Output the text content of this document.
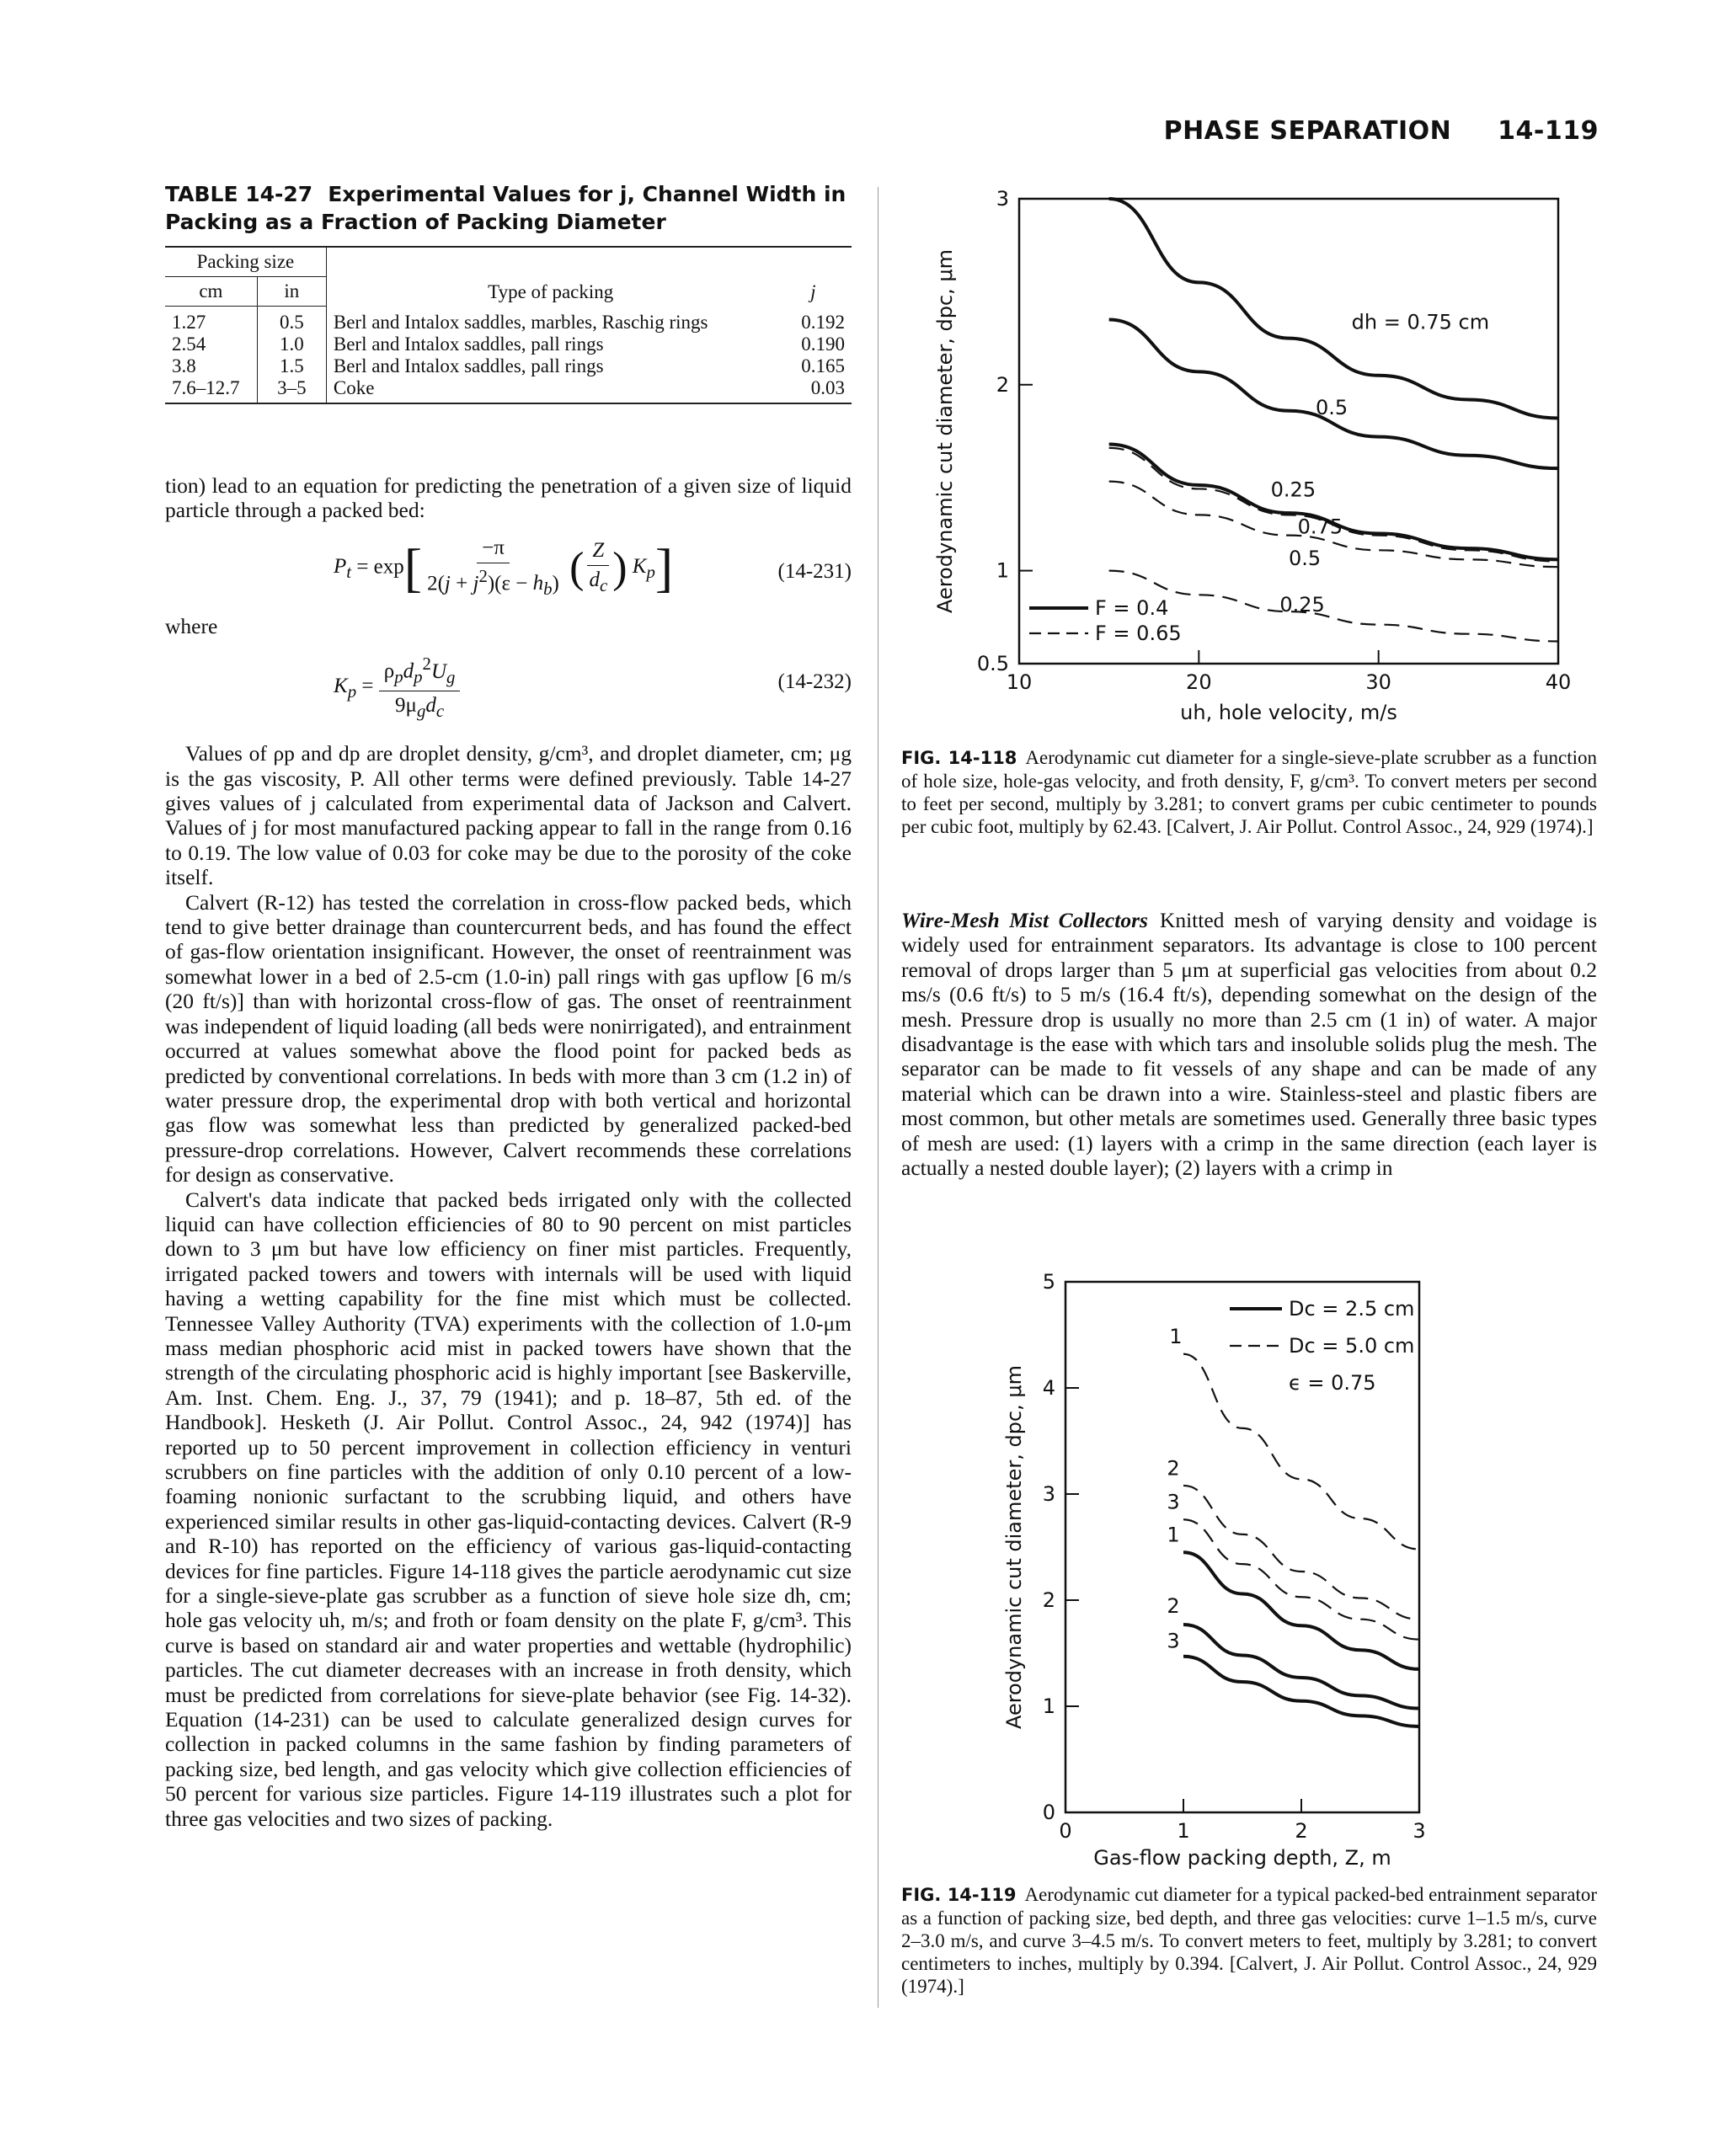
PHASE SEPARATION 14-119

TABLE 14-27 Experimental Values for j, Channel Width in Packing as a Fraction of Packing Diameter

Packing size		Type of packing	j
cm	in		
1.27	0.5	Berl and Intalox saddles, marbles, Raschig rings	0.192
2.54	1.0	Berl and Intalox saddles, pall rings	0.190
3.8	1.5	Berl and Intalox saddles, pall rings	0.165
7.6–12.7	3–5	Coke	0.03

tion) lead to an equation for predicting the penetration of a given size of liquid particle through a packed bed:

$P_t = \exp[ \frac{-\pi}{2(j + j^2)(\varepsilon - h_b)}$ ( $\frac{Z}{d_c}$ ) $K_p$]	(14-231)

where

$K_p = \frac{\rho_pd_p^2U_g}{9\mu_gd_c}$	(14-232)

Values of ρp and dp are droplet density, g/cm³, and droplet diameter, cm; μg is the gas viscosity, P. All other terms were defined previously. Table 14-27 gives values of j calculated from experimental data of Jackson and Calvert. Values of j for most manufactured packing appear to fall in the range from 0.16 to 0.19. The low value of 0.03 for coke may be due to the porosity of the coke itself.

Calvert (R-12) has tested the correlation in cross-flow packed beds, which tend to give better drainage than countercurrent beds, and has found the effect of gas-flow orientation insignificant. However, the onset of reentrainment was somewhat lower in a bed of 2.5-cm (1.0-in) pall rings with gas upflow [6 m/s (20 ft/s)] than with horizontal cross-flow of gas. The onset of reentrainment was independent of liquid loading (all beds were nonirrigated), and entrainment occurred at values somewhat above the flood point for packed beds as predicted by conventional correlations. In beds with more than 3 cm (1.2 in) of water pressure drop, the experimental drop with both vertical and horizontal gas flow was somewhat less than predicted by generalized packed-bed pressure-drop correlations. However, Calvert recommends these correlations for design as conservative.

Calvert's data indicate that packed beds irrigated only with the collected liquid can have collection efficiencies of 80 to 90 percent on mist particles down to 3 μm but have low efficiency on finer mist particles. Frequently, irrigated packed towers and towers with internals will be used with liquid having a wetting capability for the fine mist which must be collected. Tennessee Valley Authority (TVA) experiments with the collection of 1.0-μm mass median phosphoric acid mist in packed towers have shown that the strength of the circulating phosphoric acid is highly important [see Baskerville, Am. Inst. Chem. Eng. J., 37, 79 (1941); and p. 18–87, 5th ed. of the Handbook]. Hesketh (J. Air Pollut. Control Assoc., 24, 942 (1974)] has reported up to 50 percent improvement in collection efficiency in venturi scrubbers on fine particles with the addition of only 0.10 percent of a low-foaming nonionic surfactant to the scrubbing liquid, and others have experienced similar results in other gas-liquid-contacting devices. Calvert (R-9 and R-10) has reported on the efficiency of various gas-liquid-contacting devices for fine particles. Figure 14-118 gives the particle aerodynamic cut size for a single-sieve-plate gas scrubber as a function of sieve hole size dh, cm; hole gas velocity uh, m/s; and froth or foam density on the plate F, g/cm³. This curve is based on standard air and water properties and wettable (hydrophilic) particles. The cut diameter decreases with an increase in froth density, which must be predicted from correlations for sieve-plate behavior (see Fig. 14-32). Equation (14-231) can be used to calculate generalized design curves for collection in packed columns in the same fashion by finding parameters of packing size, bed length, and gas velocity which give collection efficiencies of 50 percent for various size particles. Figure 14-119 illustrates such a plot for three gas velocities and two sizes of packing.

10	20	30	40
0.5
1
2
3
dh = 0.75 cm
0.5
0.25
0.75
0.5
0.25
F = 0.4
F = 0.65
uh, hole velocity, m/s
Aerodynamic cut diameter, dpc, μm

FIG. 14-118 Aerodynamic cut diameter for a single-sieve-plate scrubber as a function of hole size, hole-gas velocity, and froth density, F, g/cm³. To convert meters per second to feet per second, multiply by 3.281; to convert grams per cubic centimeter to pounds per cubic foot, multiply by 62.43. [Calvert, J. Air Pollut. Control Assoc., 24, 929 (1974).]

Wire-Mesh Mist Collectors Knitted mesh of varying density and voidage is widely used for entrainment separators. Its advantage is close to 100 percent removal of drops larger than 5 μm at superficial gas velocities from about 0.2 ms/s (0.6 ft/s) to 5 m/s (16.4 ft/s), depending somewhat on the design of the mesh. Pressure drop is usually no more than 2.5 cm (1 in) of water. A major disadvantage is the ease with which tars and insoluble solids plug the mesh. The separator can be made to fit vessels of any shape and can be made of any material which can be drawn into a wire. Stainless-steel and plastic fibers are most common, but other metals are sometimes used. Generally three basic types of mesh are used: (1) layers with a crimp in the same direction (each layer is actually a nested double layer); (2) layers with a crimp in

0	1	2	3
0
1
2
3
4
5
1
2
3
1
2
3
Dc = 2.5 cm
Dc = 5.0 cm
ϵ = 0.75
Gas-flow packing depth, Z, m
Aerodynamic cut diameter, dpc, μm

FIG. 14-119 Aerodynamic cut diameter for a typical packed-bed entrainment separator as a function of packing size, bed depth, and three gas velocities: curve 1–1.5 m/s, curve 2–3.0 m/s, and curve 3–4.5 m/s. To convert meters to feet, multiply by 3.281; to convert centimeters to inches, multiply by 0.394. [Calvert, J. Air Pollut. Control Assoc., 24, 929 (1974).]
